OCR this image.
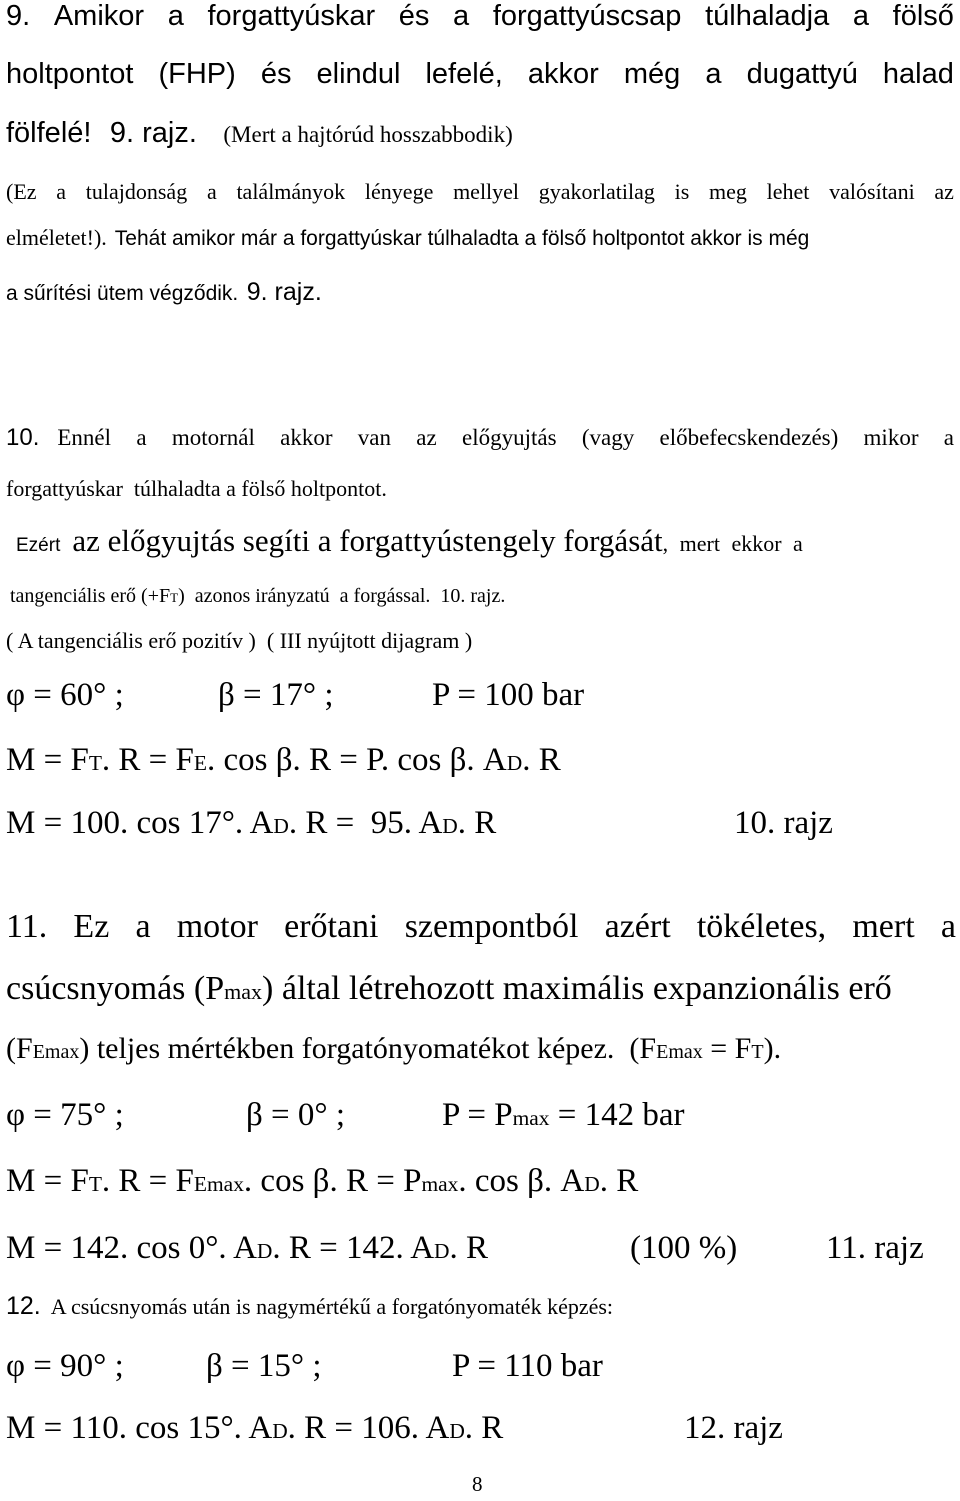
9. Amikor a forgattyúskar és a forgattyúscsap túlhaladja a fölső
holtpontot (FHP) és elindul lefelé, akkor még a dugattyú halad
fölfelé! 9. rajz. (Mert a hajtórúd hosszabbodik)
(Ez a tulajdonság a találmányok lényege mellyel gyakorlatilag is meg lehet valósítani az
elméletet!). Tehát amikor már a forgattyúskar túlhaladta a fölső holtpontot akkor is még
a sűrítési ütem végződik. 9. rajz.
10. Ennél a motornál akkor van az előgyujtás (vagy előbefecskendezés) mikor a
forgattyúskar  túlhaladta a fölső holtpontot.
Ezért az előgyujtás segíti a forgattyústengely forgását , mert ekkor a
tangenciális erő (+FT)  azonos irányzatú  a forgással.  10. rajz.
( A tangenciális erő pozitív )  ( III nyújtott dijagram )
φ = 60° ;	β = 17° ;	P = 100 bar
M = FT. R = FE. cos β. R = P. cos β. AD. R
M = 100. cos 17°. AD. R =  95. AD. R	10. rajz
11. Ez a motor erőtani szempontból azért tökéletes, mert a
csúcsnyomás (Pmax) által létrehozott maximális expanzionális erő
(FEmax) teljes mértékben forgatónyomatékot képez.  (FEmax = FT).
φ = 75° ;	β = 0° ;	P = Pmax = 142 bar
M = FT. R = FEmax. cos β. R = Pmax. cos β. AD. R
M = 142. cos 0°. AD. R = 142. AD. R	(100 %)	11. rajz
12. A csúcsnyomás után is nagymértékű a forgatónyomaték képzés:
φ = 90° ; β = 15° ;	P = 110 bar
M = 110. cos 15°. AD. R = 106. AD. R	12. rajz
8
